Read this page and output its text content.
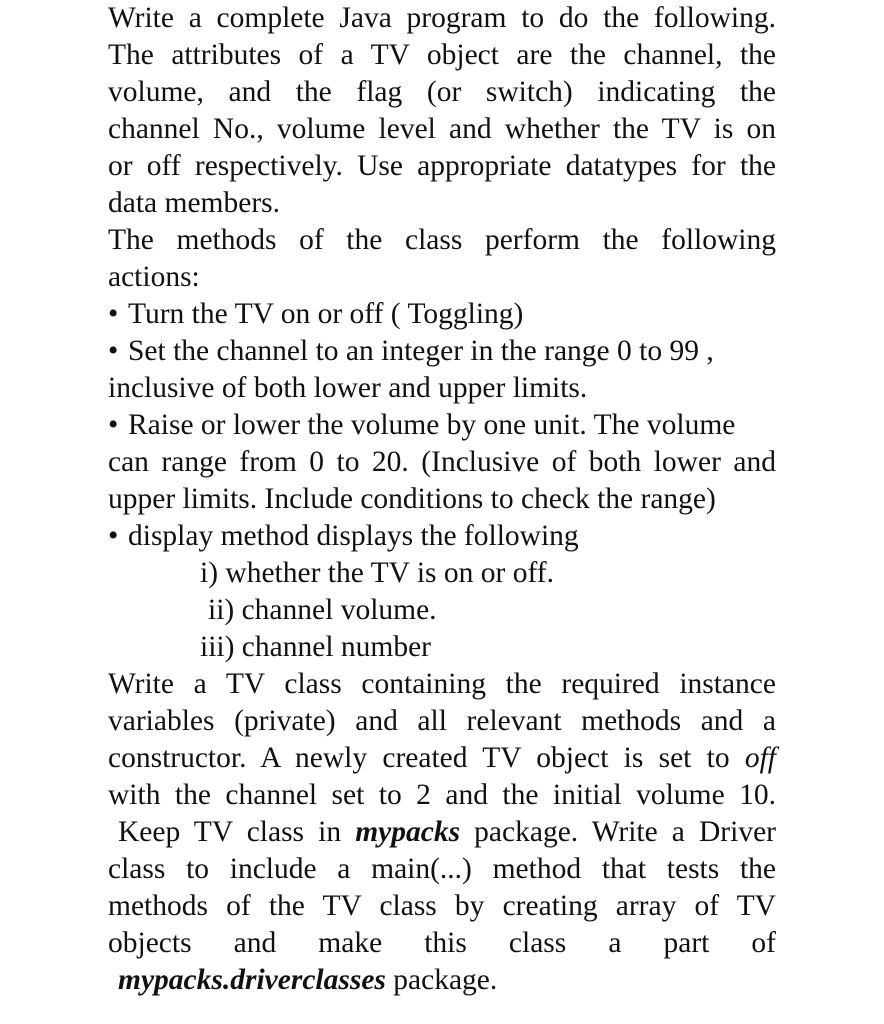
Write a complete Java program to do the following.
The attributes of a TV object are the channel, the
volume, and the flag (or switch) indicating the
channel No., volume level and whether the TV is on
or off respectively. Use appropriate datatypes for the
data members.
The methods of the class perform the following
actions:
• Turn the TV on or off ( Toggling)
• Set the channel to an integer in the range 0 to 99 ,
inclusive of both lower and upper limits.
• Raise or lower the volume by one unit. The volume
can range from 0 to 20. (Inclusive of both lower and
upper limits. Include conditions to check the range)
• display method displays the following
i) whether the TV is on or off.
ii) channel volume.
iii) channel number
Write a TV class containing the required instance
variables (private) and all relevant methods and a
constructor. A newly created TV object is set to off
with the channel set to 2 and the initial volume 10.
Keep TV class in mypacks package. Write a Driver
class to include a main(...) method that tests the
methods of the TV class by creating array of TV
objects and make this class a part of
mypacks.driverclasses package.
